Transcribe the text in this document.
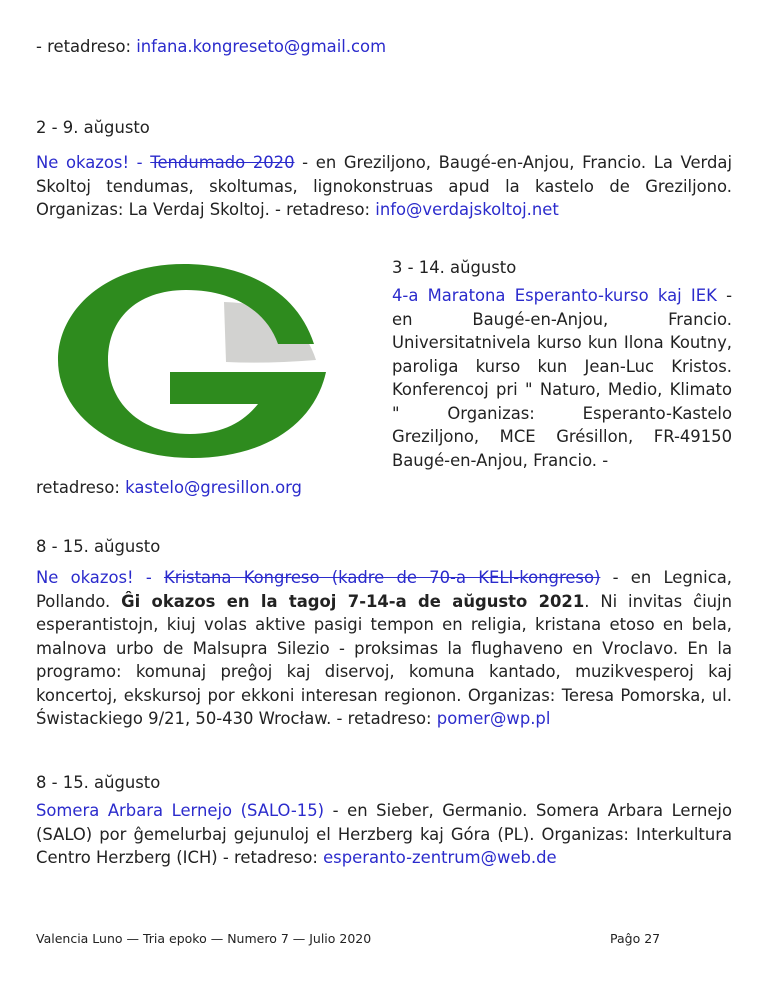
- retadreso: infana.kongreseto@gmail.com

2 - 9. aŭgusto

Ne okazos! - Tendumado 2020 - en Greziljono, Baugé-en-Anjou, Francio. La Verdaj Skoltoj tendumas, skoltumas, lignokonstruas apud la kastelo de Greziljono. Organizas: La Verdaj Skoltoj. - retadreso: info@verdajskoltoj.net

3 - 14. aŭgusto

4-a Maratona Esperanto-kurso kaj IEK - en Baugé-en-Anjou, Francio. Universitatnivela kurso kun Ilona Koutny, paroliga kurso kun Jean-Luc Kristos. Konferencoj pri " Naturo, Medio, Klimato " Organizas: Esperanto-Kastelo Greziljono, MCE Grésillon, FR-49150 Baugé-en-Anjou, Francio. -

retadreso: kastelo@gresillon.org

8 - 15. aŭgusto

Ne okazos! - Kristana Kongreso (kadre de 70-a KELI-kongreso) - en Legnica, Pollando. Ĝi okazos en la tagoj 7-14-a de aŭgusto 2021. Ni invitas ĉiujn esperantistojn, kiuj volas aktive pasigi tempon en religia, kristana etoso en bela, malnova urbo de Malsupra Silezio - proksimas la flughaveno en Vroclavo. En la programo: komunaj preĝoj kaj diservoj, komuna kantado, muzikvesperoj kaj koncertoj, ekskursoj por ekkoni interesan regionon. Organizas: Teresa Pomorska, ul. Świstackiego 9/21, 50-430 Wrocław. - retadreso: pomer@wp.pl

8 - 15. aŭgusto

Somera Arbara Lernejo (SALO-15) - en Sieber, Germanio. Somera Arbara Lernejo (SALO) por ĝemelurbaj gejunuloj el Herzberg kaj Góra (PL). Organizas: Interkultura Centro Herzberg (ICH) - retadreso: esperanto-zentrum@web.de

Valencia Luno — Tria epoko — Numero 7 — Julio 2020	Paĝo 27
